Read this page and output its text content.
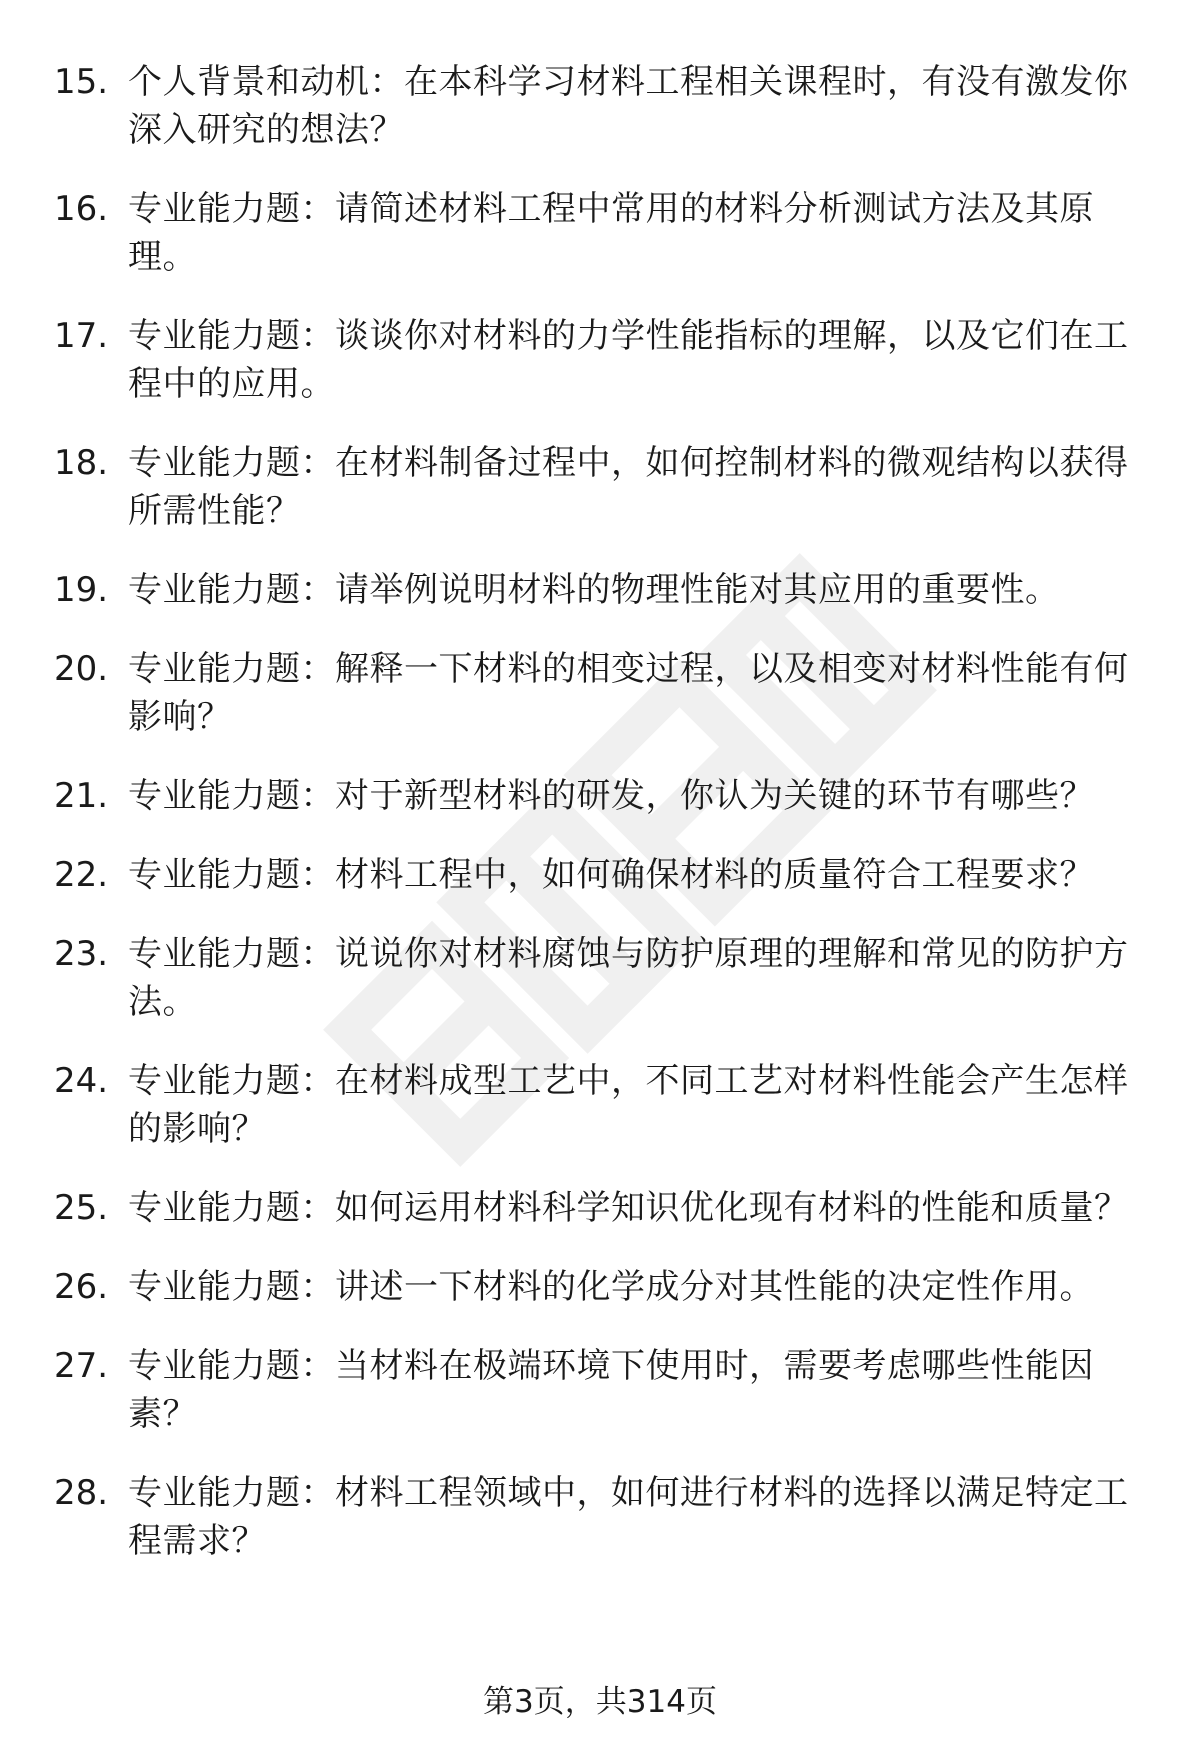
15. 个人背景和动机：在本科学习材料工程相关课程时，有没有激发你深入研究的想法？
16. 专业能力题：请简述材料工程中常用的材料分析测试方法及其原理。
17. 专业能力题：谈谈你对材料的力学性能指标的理解，以及它们在工程中的应用。
18. 专业能力题：在材料制备过程中，如何控制材料的微观结构以获得所需性能？
19. 专业能力题：请举例说明材料的物理性能对其应用的重要性。
20. 专业能力题：解释一下材料的相变过程，以及相变对材料性能有何影响？
21. 专业能力题：对于新型材料的研发，你认为关键的环节有哪些？
22. 专业能力题：材料工程中，如何确保材料的质量符合工程要求？
23. 专业能力题：说说你对材料腐蚀与防护原理的理解和常见的防护方法。
24. 专业能力题：在材料成型工艺中，不同工艺对材料性能会产生怎样的影响？
25. 专业能力题：如何运用材料科学知识优化现有材料的性能和质量？
26. 专业能力题：讲述一下材料的化学成分对其性能的决定性作用。
27. 专业能力题：当材料在极端环境下使用时，需要考虑哪些性能因素？
28. 专业能力题：材料工程领域中，如何进行材料的选择以满足特定工程需求？
第3页，共314页
